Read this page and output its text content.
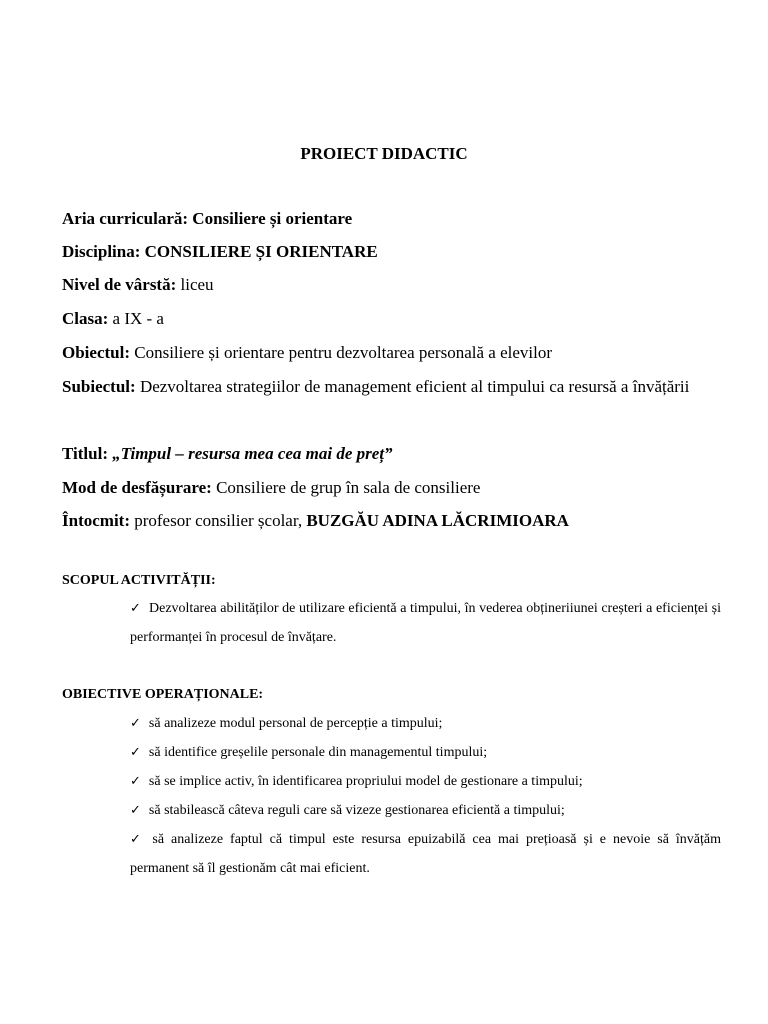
PROIECT DIDACTIC
Aria curriculară: Consiliere și orientare
Disciplina: CONSILIERE ȘI ORIENTARE
Nivel de vârstă: liceu
Clasa: a IX - a
Obiectul: Consiliere și orientare pentru dezvoltarea personală a elevilor
Subiectul: Dezvoltarea strategiilor de management eficient al timpului ca resursă a învățării
Titlul: „Timpul – resursa mea cea mai de preț”
Mod de desfășurare: Consiliere de grup în sala de consiliere
Întocmit: profesor consilier școlar, BUZGĂU ADINA LĂCRIMIOARA
SCOPUL ACTIVITĂȚII:
✓ Dezvoltarea abilităților de utilizare eficientă a timpului, în vederea obțineriiunei creșteri a eficienței și performanței în procesul de învățare.
OBIECTIVE OPERAȚIONALE:
✓ să analizeze modul personal de percepție a timpului;
✓ să identifice greșelile personale din managementul timpului;
✓ să se implice activ, în identificarea propriului model de gestionare a timpului;
✓ să stabilească câteva reguli care să vizeze gestionarea eficientă a timpului;
✓ să analizeze faptul că timpul este resursa epuizabilă cea mai prețioasă și e nevoie să învățăm permanent să îl gestionăm cât mai eficient.
